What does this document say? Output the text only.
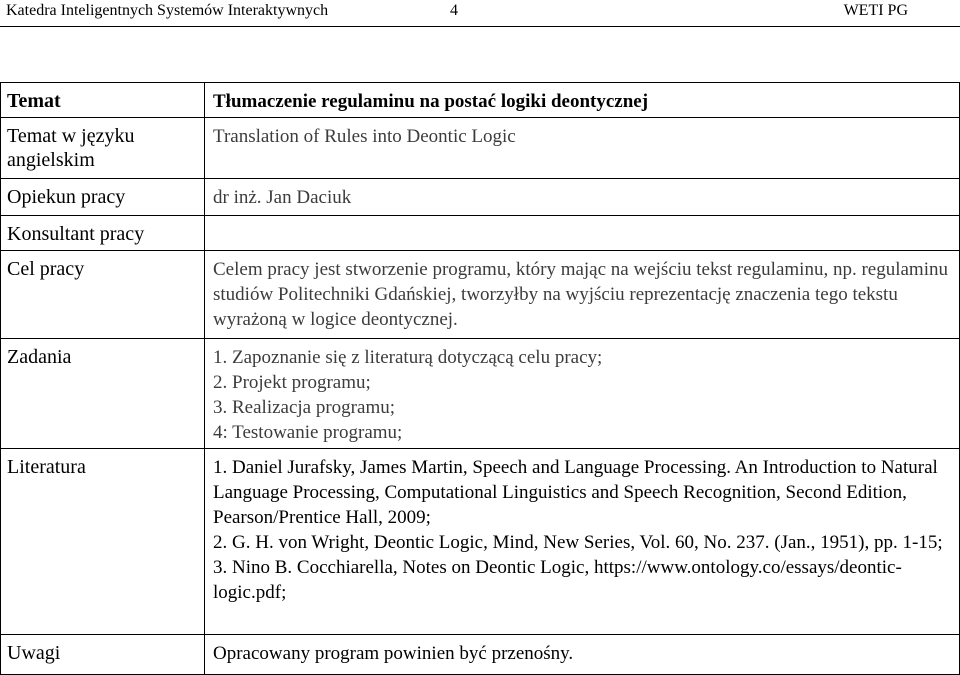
Katedra Inteligentnych Systemów Interaktywnych	4	WETI PG
Temat	Tłumaczenie regulaminu na postać logiki deontycznej
Temat w języku angielskim	Translation of Rules into Deontic Logic
Opiekun pracy	dr inż. Jan Daciuk
Konsultant pracy	
Cel pracy	Celem pracy jest stworzenie programu, który mając na wejściu tekst regulaminu, np. regulaminu studiów Politechniki Gdańskiej, tworzyłby na wyjściu reprezentację znaczenia tego tekstu wyrażoną w logice deontycznej.
Zadania	1. Zapoznanie się z literaturą dotyczącą celu pracy;
2. Projekt programu;
3. Realizacja programu;
4: Testowanie programu;

Literatura	1. Daniel Jurafsky, James Martin, Speech and Language Processing. An Introduction to Natural Language Processing, Computational Linguistics and Speech Recognition, Second Edition, Pearson/Prentice Hall, 2009;
2. G. H. von Wright, Deontic Logic, Mind, New Series, Vol. 60, No. 237. (Jan., 1951), pp. 1-15;
3. Nino B. Cocchiarella, Notes on Deontic Logic, https://www.ontology.co/essays/deontic-logic.pdf;

Uwagi	Opracowany program powinien być przenośny.
